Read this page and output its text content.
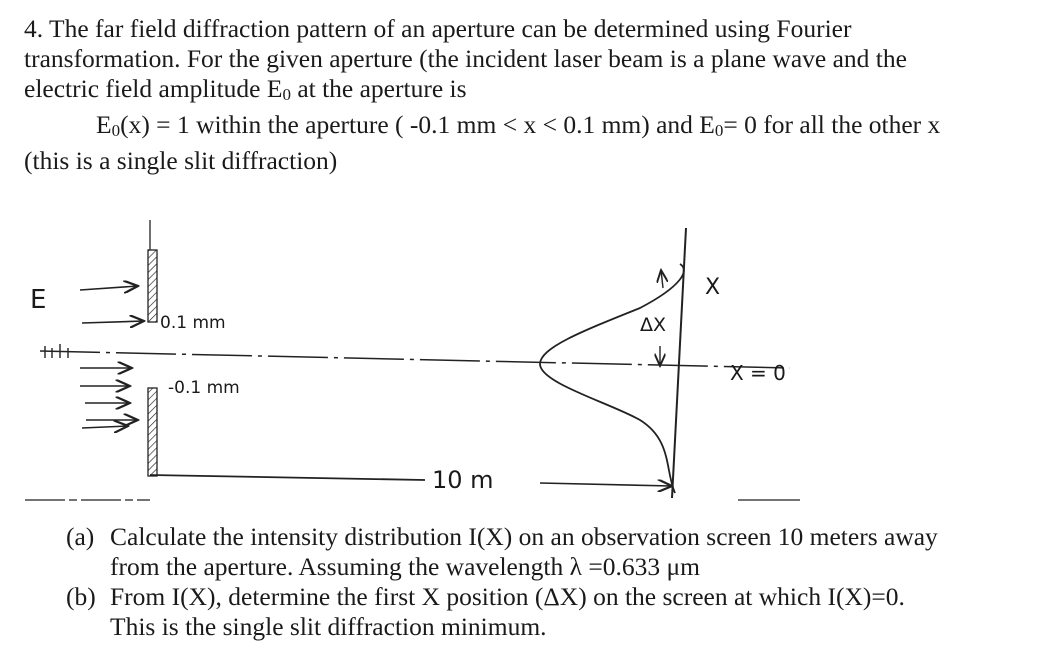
4. The far field diffraction pattern of an aperture can be determined using Fourier

transformation. For the given aperture (the incident laser beam is a plane wave and the

electric field amplitude $E_0$ at the aperture is

$E_0(x) = 1$ within the aperture ( -0.1 mm < x < 0.1 mm) and $E_0= 0$ for all the other x

(this is a single slit diffraction)

E
0.1 mm
-0.1 mm
ΔX
X
X = 0
10 m
(a) Calculate the intensity distribution I(X) on an observation screen 10 meters away
from the aperture. Assuming the wavelength λ =0.633 μm
(b) From I(X), determine the first X position (ΔX) on the screen at which I(X)=0.
This is the single slit diffraction minimum.
